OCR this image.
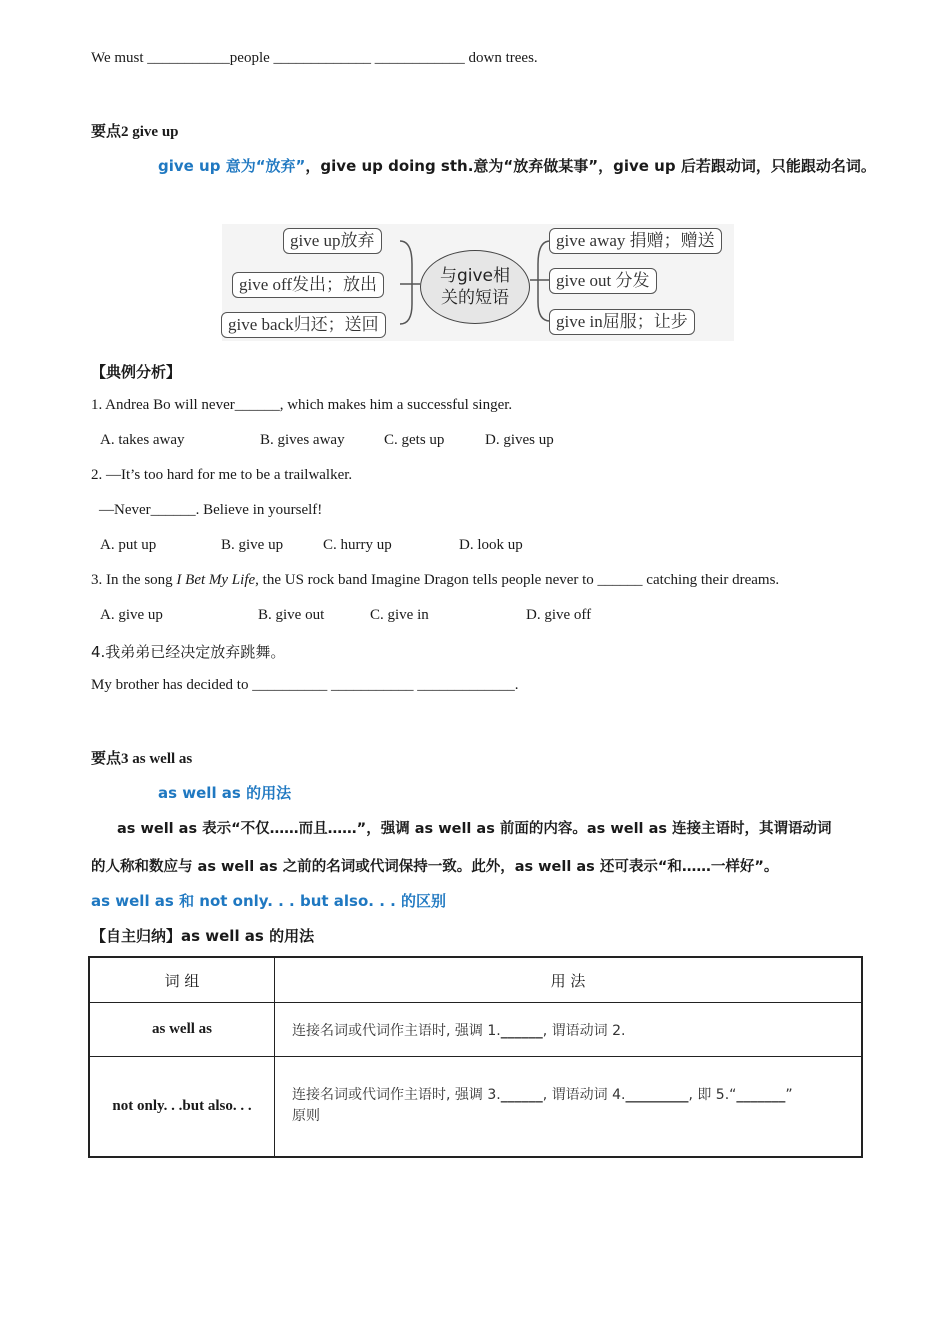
We must ___________people _____________ ____________ down trees.
要点2 give up
give up 意为“放弃”，give up doing sth.意为“放弃做某事”，give up 后若跟动词，只能跟动名词。
give up放弃
give off发出；放出
give back归还；送回
与give相
关的短语
give away 捐赠；赠送
give out 分发
give in屈服；让步
【典例分析】
1. Andrea Bo will never______, which makes him a successful singer.
A. takes away	B. gives away	C. gets up	D. gives up
2. —It’s too hard for me to be a trailwalker.
—Never______. Believe in yourself!
A. put up	B. give up	C. hurry up	D. look up
3. In the song I Bet My Life, the US rock band Imagine Dragon tells people never to ______ catching their dreams.
A. give up	B. give out	C. give in	D. give off
4.我弟弟已经决定放弃跳舞。
My brother has decided to __________ ___________ _____________.
要点3 as well as
as well as 的用法
as well as 表示“不仅……而且……”，强调 as well as 前面的内容。as well as 连接主语时，其谓语动词
的人称和数应与 as well as 之前的名词或代词保持一致。此外，as well as 还可表示“和……一样好”。
as well as 和 not only. . . but also. . . 的区别
【自主归纳】as well as 的用法
词 组	用 法
as well as	连接名词或代词作主语时, 强调 1.______, 谓语动词 2.
not only. . .but also. . .	连接名词或代词作主语时, 强调 3.______, 谓语动词 4._________, 即 5.“_______”
原则
